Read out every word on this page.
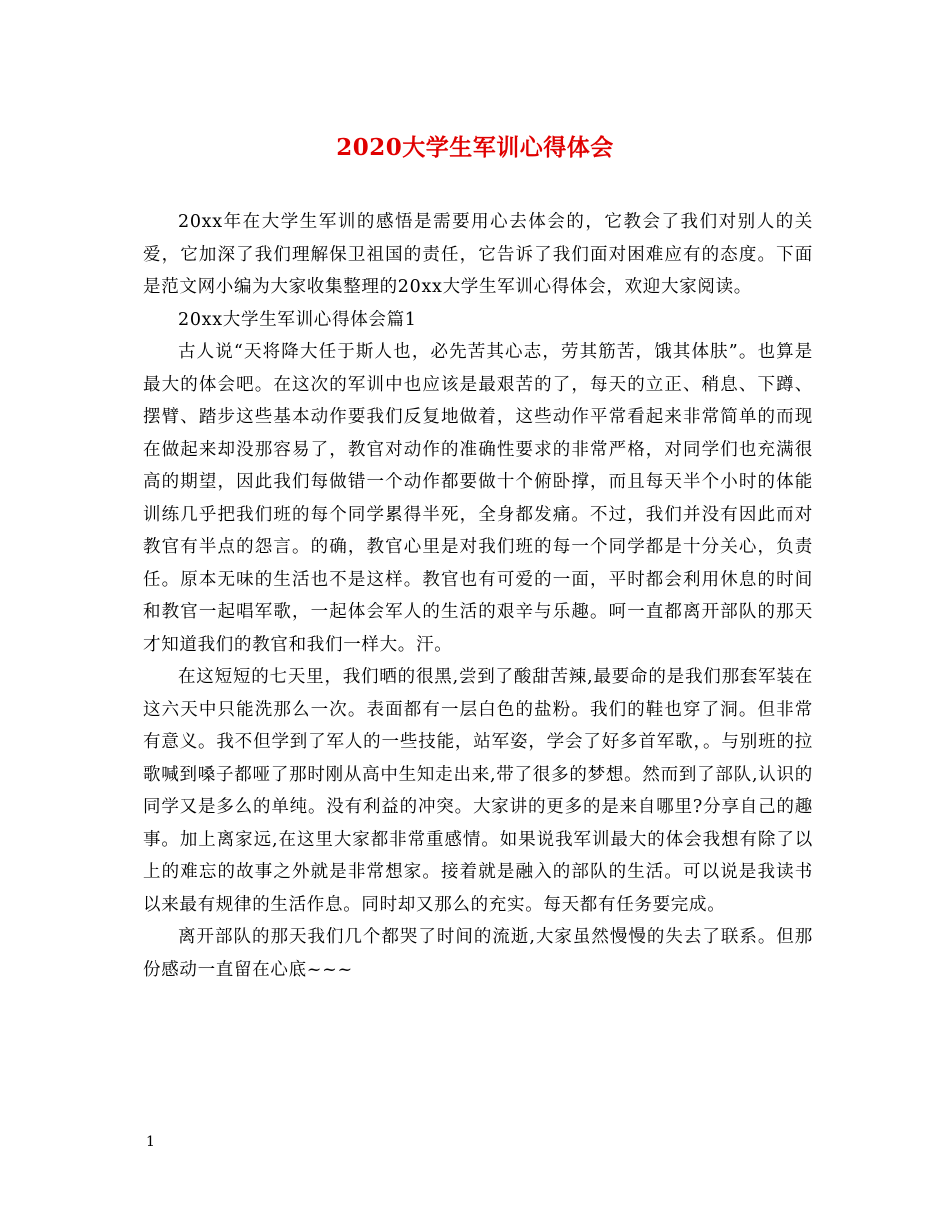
2020大学生军训心得体会

20xx年在大学生军训的感悟是需要用心去体会的，它教会了我们对别人的关爱，它加深了我们理解保卫祖国的责任，它告诉了我们面对困难应有的态度。下面是范文网小编为大家收集整理的20xx大学生军训心得体会，欢迎大家阅读。

20xx大学生军训心得体会篇1

古人说“天将降大任于斯人也，必先苦其心志，劳其筋苦，饿其体肤”。也算是最大的体会吧。在这次的军训中也应该是最艰苦的了，每天的立正、稍息、下蹲、摆臂、踏步这些基本动作要我们反复地做着，这些动作平常看起来非常简单的而现在做起来却没那容易了，教官对动作的准确性要求的非常严格，对同学们也充满很高的期望，因此我们每做错一个动作都要做十个俯卧撑，而且每天半个小时的体能训练几乎把我们班的每个同学累得半死，全身都发痛。不过，我们并没有因此而对教官有半点的怨言。的确，教官心里是对我们班的每一个同学都是十分关心，负责任。原本无味的生活也不是这样。教官也有可爱的一面，平时都会利用休息的时间和教官一起唱军歌，一起体会军人的生活的艰辛与乐趣。呵一直都离开部队的那天才知道我们的教官和我们一样大。汗。

在这短短的七天里，我们晒的很黑,尝到了酸甜苦辣,最要命的是我们那套军装在这六天中只能洗那么一次。表面都有一层白色的盐粉。我们的鞋也穿了洞。但非常有意义。我不但学到了军人的一些技能，站军姿，学会了好多首军歌，。与别班的拉歌喊到嗓子都哑了那时刚从高中生知走出来,带了很多的梦想。然而到了部队,认识的同学又是多么的单纯。没有利益的冲突。大家讲的更多的是来自哪里?分享自己的趣事。加上离家远,在这里大家都非常重感情。如果说我军训最大的体会我想有除了以上的难忘的故事之外就是非常想家。接着就是融入的部队的生活。可以说是我读书以来最有规律的生活作息。同时却又那么的充实。每天都有任务要完成。

离开部队的那天我们几个都哭了时间的流逝,大家虽然慢慢的失去了联系。但那份感动一直留在心底~~~

1
